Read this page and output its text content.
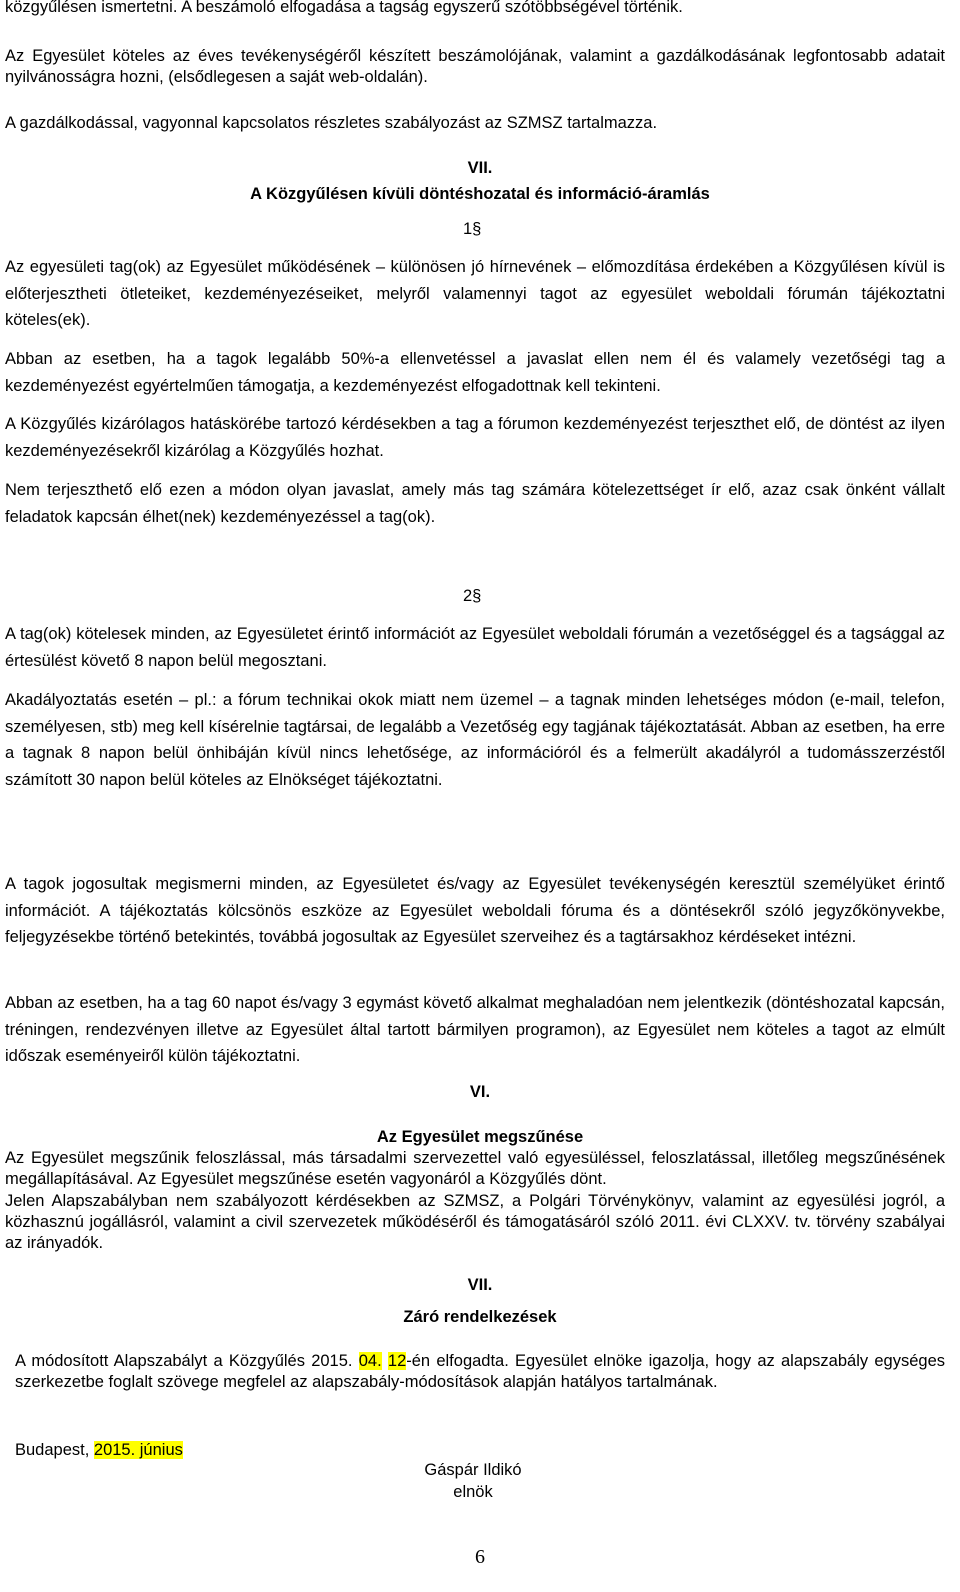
közgyűlésen ismertetni. A beszámoló elfogadása a tagság egyszerű szótöbbségével történik.
Az Egyesület köteles az éves tevékenységéről készített beszámolójának, valamint a gazdálkodásának legfontosabb adatait nyilvánosságra hozni, (elsődlegesen a saját web-oldalán).
A gazdálkodással, vagyonnal kapcsolatos részletes szabályozást az SZMSZ tartalmazza.
VII.
A Közgyűlésen kívüli döntéshozatal és információ-áramlás
1§
Az egyesületi tag(ok) az Egyesület működésének – különösen jó hírnevének – előmozdítása érdekében a Közgyűlésen kívül is előterjesztheti ötleteiket, kezdeményezéseiket, melyről valamennyi tagot az egyesület weboldali fórumán tájékoztatni köteles(ek).
Abban az esetben, ha a tagok legalább 50%-a ellenvetéssel a javaslat ellen nem él és valamely vezetőségi tag a kezdeményezést egyértelműen támogatja, a kezdeményezést elfogadottnak kell tekinteni.
A Közgyűlés kizárólagos hatáskörébe tartozó kérdésekben a tag a fórumon kezdeményezést terjeszthet elő, de döntést az ilyen kezdeményezésekről kizárólag a Közgyűlés hozhat.
Nem terjeszthető elő ezen a módon olyan javaslat, amely más tag számára kötelezettséget ír elő, azaz csak önként vállalt feladatok kapcsán élhet(nek) kezdeményezéssel a tag(ok).
2§
A tag(ok) kötelesek minden, az Egyesületet érintő információt az Egyesület weboldali fórumán a vezetőséggel és a tagsággal az értesülést követő 8 napon belül megosztani.
Akadályoztatás esetén – pl.: a fórum technikai okok miatt nem üzemel – a tagnak minden lehetséges módon (e-mail, telefon, személyesen, stb) meg kell kísérelnie tagtársai, de legalább a Vezetőség egy tagjának tájékoztatását. Abban az esetben, ha erre a tagnak 8 napon belül önhibáján kívül nincs lehetősége, az információról és a felmerült akadályról a tudomásszerzéstől számított 30 napon belül köteles az Elnökséget tájékoztatni.
A tagok jogosultak megismerni minden, az Egyesületet és/vagy az Egyesület tevékenységén keresztül személyüket érintő információt. A tájékoztatás kölcsönös eszköze az Egyesület weboldali fóruma és a döntésekről szóló jegyzőkönyvekbe, feljegyzésekbe történő betekintés, továbbá jogosultak az Egyesület szerveihez és a tagtársakhoz kérdéseket intézni.
Abban az esetben, ha a tag 60 napot és/vagy 3 egymást követő alkalmat meghaladóan nem jelentkezik (döntéshozatal kapcsán, tréningen, rendezvényen illetve az Egyesület által tartott bármilyen programon), az Egyesület nem köteles a tagot az elmúlt időszak eseményeiről külön tájékoztatni.
VI.
Az Egyesület megszűnése
Az Egyesület megszűnik feloszlással, más társadalmi szervezettel való egyesüléssel, feloszlatással, illetőleg megszűnésének megállapításával. Az Egyesület megszűnése esetén vagyonáról a Közgyűlés dönt.
Jelen Alapszabályban nem szabályozott kérdésekben az SZMSZ, a Polgári Törvénykönyv, valamint az egyesülési jogról, a közhasznú jogállásról, valamint a civil szervezetek működéséről és támogatásáról szóló 2011. évi CLXXV. tv. törvény szabályai az irányadók.
VII.
Záró rendelkezések
A módosított Alapszabályt a Közgyűlés 2015. 04. 12-én elfogadta. Egyesület elnöke igazolja, hogy az alapszabály egységes szerkezetbe foglalt szövege megfelel az alapszabály-módosítások alapján hatályos tartalmának.
Budapest, 2015. június
Gáspár Ildikó
elnök
6
